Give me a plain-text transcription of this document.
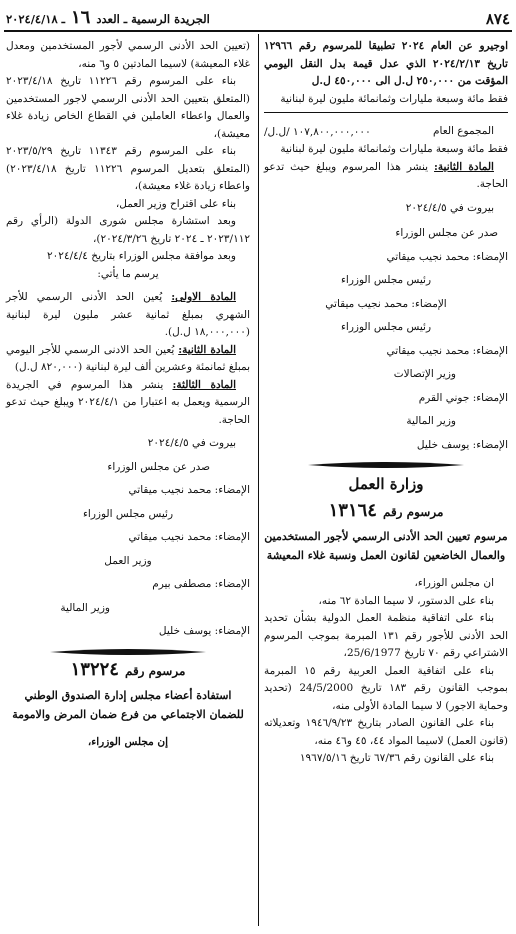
٨٧٤
الجريدة الرسمية ـ العدد
١٦
ـ ٢٠٢٤/٤/١٨

اوجيرو عن العام ٢٠٢٤ تطبيقا للمرسوم رقم ١٢٩٦٦ تاريخ ٢٠٢٤/٢/١٣ الذي عدل قيمة بدل النقل اليومي المؤقت من ٢٥٠,٠٠٠ ل.ل الى ٤٥٠,٠٠٠ ل.ل

فقط مائة وسبعة مليارات وثمانمائة مليون ليرة لبنانية

المجموع العام

١٠٧,٨٠٠,٠٠٠,٠٠٠ /ل.ل/

فقط مائة وسبعة مليارات وثمانمائة مليون ليرة لبنانية

المادة الثانية: ينشر هذا المرسوم ويبلغ حيث تدعو الحاجة.

بيروت في ٢٠٢٤/٤/٥

صدر عن مجلس الوزراء

الإمضاء: محمد نجيب ميقاتي

رئيس مجلس الوزراء

الإمضاء: محمد نجيب ميقاتي

رئيس مجلس الوزراء

الإمضاء: محمد نجيب ميقاتي

وزير الإتصالات

الإمضاء: جوني القرم

وزير المالية

الإمضاء: يوسف خليل

وزارة العمل

مرسوم رقم١٣١٦٤

مرسوم تعيين الحد الأدنى الرسمي لأجور المستخدمين والعمال الخاضعين لقانون العمل ونسبة غلاء المعيشة

ان مجلس الوزراء،

بناء على الدستور، لا سيما المادة ٦٢ منه،

بناء على اتفاقية منظمة العمل الدولية بشأن تحديد الحد الأدنى للأجور رقم ١٣١ المبرمة بموجب المرسوم الاشتراعي رقم ٧٠ تاريخ 25/6/1977،

بناء على اتفاقية العمل العربية رقم ١٥ المبرمة بموجب القانون رقم ١٨٣ تاريخ 24/5/2000 (تحديد وحماية الاجور) لا سيما المادة الأولى منه،

بناء على القانون الصادر بتاريخ ١٩٤٦/٩/٢٣ وتعديلاته (قانون العمل) لاسيما المواد ٤٤، ٤٥ و٤٦ منه،

بناء على القانون رقم ٦٧/٣٦ تاريخ ١٩٦٧/٥/١٦

(تعيين الحد الأدنى الرسمي لأجور المستخدمين ومعدل غلاء المعيشة) لاسيما المادتين ٥ و٦ منه،

بناء على المرسوم رقم ١١٢٢٦ تاريخ ٢٠٢٣/٤/١٨ (المتعلق بتعيين الحد الأدنى الرسمي لاجور المستخدمين والعمال واعطاء العاملين في القطاع الخاص زيادة غلاء معيشة)،

بناء على المرسوم رقم ١١٣٤٣ تاريخ ٢٠٢٣/٥/٢٩ (المتعلق بتعديل المرسوم ١١٢٢٦ تاريخ ٢٠٢٣/٤/١٨) واعطاء زيادة غلاء معيشة)،

بناء على اقتراح وزير العمل،

وبعد استشارة مجلس شورى الدولة (الرأي رقم ٢٠٢٣/١١٢ ـ ٢٠٢٤ تاريخ ٢٠٢٤/٣/٢٦)،

وبعد موافقة مجلس الوزراء بتاريخ ٢٠٢٤/٤/٤

يرسم ما يأتي:

المادة الاولى: يُعين الحد الأدنى الرسمي للأجر الشهري بمبلغ ثمانية عشر مليون ليرة لبنانية (١٨,٠٠٠,٠٠٠ ل.ل).

المادة الثانية: يُعين الحد الادنى الرسمي للأجر اليومي بمبلغ ثمانمئة وعشرين ألف ليرة لبنانية (٨٢٠,٠٠٠ ل.ل)

المادة الثالثة: ينشر هذا المرسوم في الجريدة الرسمية ويعمل به اعتبارا من ٢٠٢٤/٤/١ ويبلغ حيث تدعو الحاجة.

بيروت في ٢٠٢٤/٤/٥

صدر عن مجلس الوزراء

الإمضاء: محمد نجيب ميقاتي

رئيس مجلس الوزراء

الإمضاء: محمد نجيب ميقاتي

وزير العمل

الإمضاء: مصطفى بيرم

وزير المالية

الإمضاء: يوسف خليل

مرسوم رقم١٣٢٢٤

استفادة أعضاء مجلس إدارة الصندوق الوطني للضمان الاجتماعي من فرع ضمان المرض والامومة

إن مجلس الوزراء،
